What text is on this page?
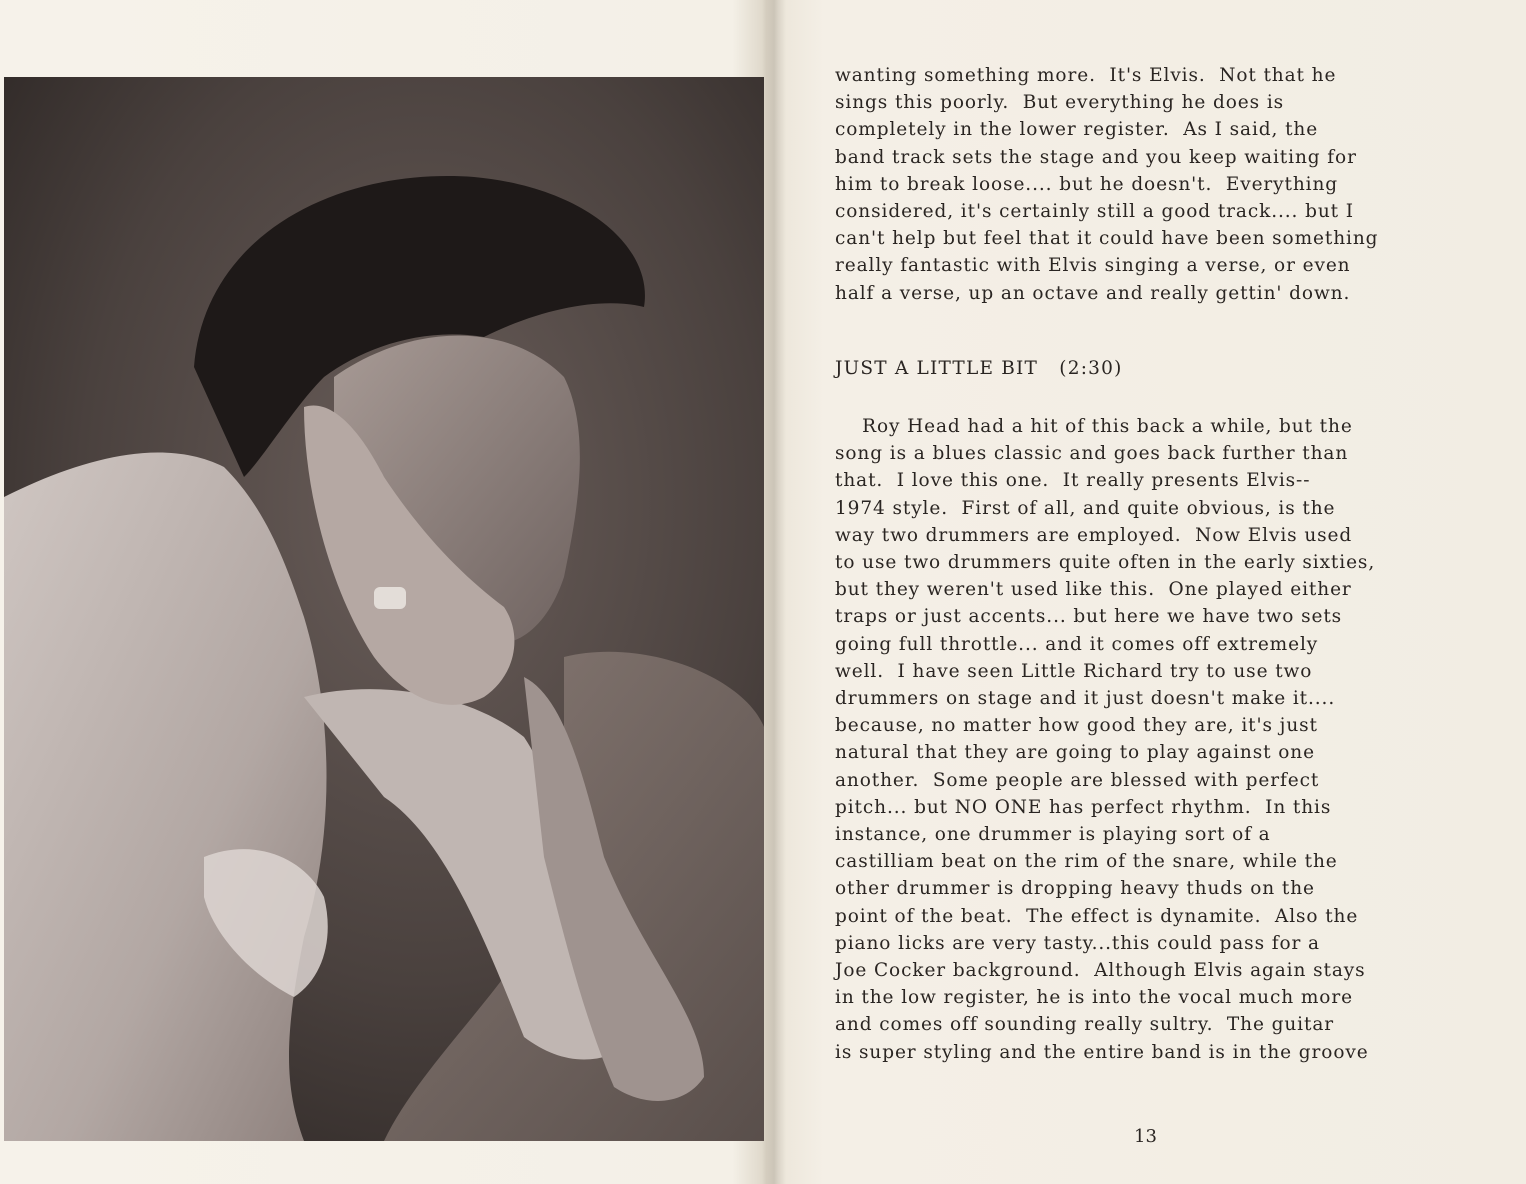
wanting something more.  It's Elvis.  Not that he
sings this poorly.  But everything he does is
completely in the lower register.  As I said, the
band track sets the stage and you keep waiting for
him to break loose.... but he doesn't.  Everything
considered, it's certainly still a good track.... but I
can't help but feel that it could have been something
really fantastic with Elvis singing a verse, or even
half a verse, up an octave and really gettin' down.
JUST A LITTLE BIT   (2:30)
Roy Head had a hit of this back a while, but the
song is a blues classic and goes back further than
that.  I love this one.  It really presents Elvis--
1974 style.  First of all, and quite obvious, is the
way two drummers are employed.  Now Elvis used
to use two drummers quite often in the early sixties,
but they weren't used like this.  One played either
traps or just accents... but here we have two sets
going full throttle... and it comes off extremely
well.  I have seen Little Richard try to use two
drummers on stage and it just doesn't make it....
because, no matter how good they are, it's just
natural that they are going to play against one
another.  Some people are blessed with perfect
pitch... but NO ONE has perfect rhythm.  In this
instance, one drummer is playing sort of a
castilliam beat on the rim of the snare, while the
other drummer is dropping heavy thuds on the
point of the beat.  The effect is dynamite.  Also the
piano licks are very tasty...this could pass for a
Joe Cocker background.  Although Elvis again stays
in the low register, he is into the vocal much more
and comes off sounding really sultry.  The guitar
is super styling and the entire band is in the groove
13
